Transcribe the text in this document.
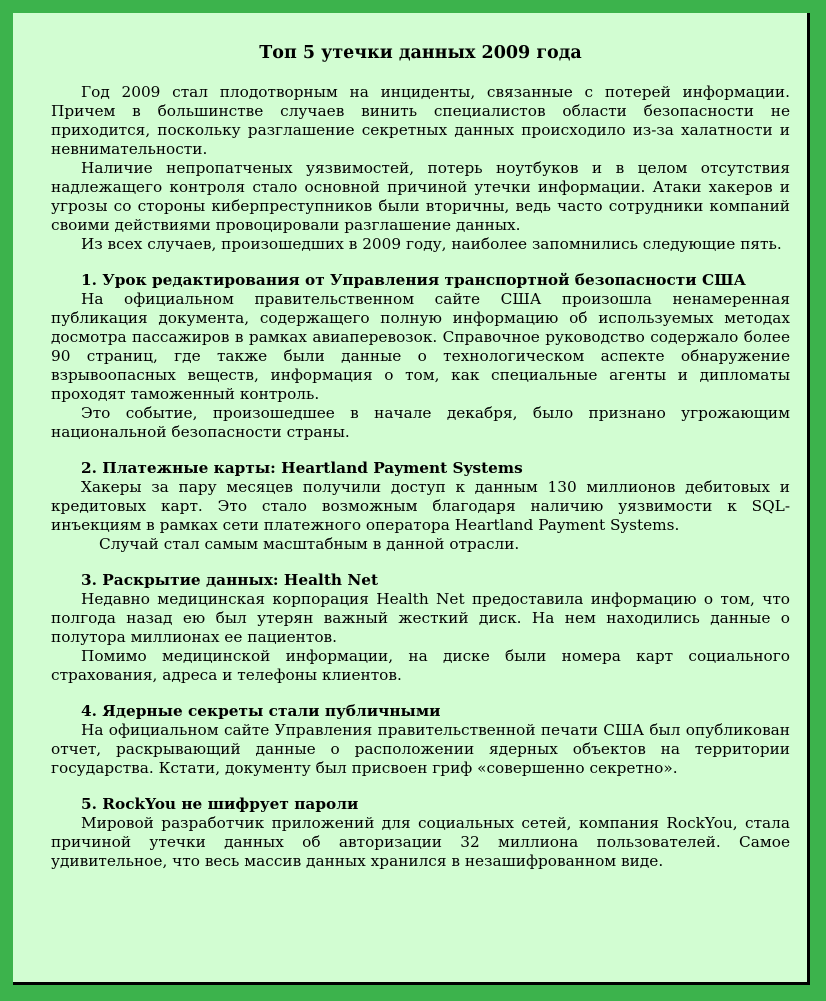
Топ 5 утечки данных 2009 года

Год 2009 стал плодотворным на инциденты, связанные с потерей информации. Причем в большинстве случаев винить специалистов области безопасности не приходится, поскольку разглашение секретных данных происходило из-за халатности и невнимательности.

Наличие непропатченых уязвимостей, потерь ноутбуков и в целом отсутствия надлежащего контроля стало основной причиной утечки информации. Атаки хакеров и угрозы со стороны киберпреступников были вторичны, ведь часто сотрудники компаний своими действиями провоцировали разглашение данных.

Из всех случаев, произошедших в 2009 году, наиболее запомнились следующие пять.

1. Урок редактирования от Управления транспортной безопасности США

На официальном правительственном сайте США произошла ненамеренная публикация документа, содержащего полную информацию об используемых методах досмотра пассажиров в рамках авиаперевозок. Справочное руководство содержало более 90 страниц, где также были данные о технологическом аспекте обнаружение взрывоопасных веществ, информация о том, как специальные агенты и дипломаты проходят таможенный контроль.

Это событие, произошедшее в начале декабря, было признано угрожающим национальной безопасности страны.

2. Платежные карты: Heartland Payment Systems

Хакеры за пару месяцев получили доступ к данным 130 миллионов дебитовых и кредитовых карт. Это стало возможным благодаря наличию уязвимости к SQL-инъекциям в рамках сети платежного оператора Heartland Payment Systems.

Случай стал самым масштабным в данной отрасли.

3. Раскрытие данных: Health Net

Недавно медицинская корпорация Health Net предоставила информацию о том, что полгода назад ею был утерян важный жесткий диск. На нем находились данные о полутора миллионах ее пациентов.

Помимо медицинской информации, на диске были номера карт социального страхования, адреса и телефоны клиентов.

4. Ядерные секреты стали публичными

На официальном сайте Управления правительственной печати США был опубликован отчет, раскрывающий данные о расположении ядерных объектов на территории государства. Кстати, документу был присвоен гриф «совершенно секретно».

5. RockYou не шифрует пароли

Мировой разработчик приложений для социальных сетей, компания RockYou, стала причиной утечки данных об авторизации 32 миллиона пользователей. Самое удивительное, что весь массив данных хранился в незашифрованном виде.
